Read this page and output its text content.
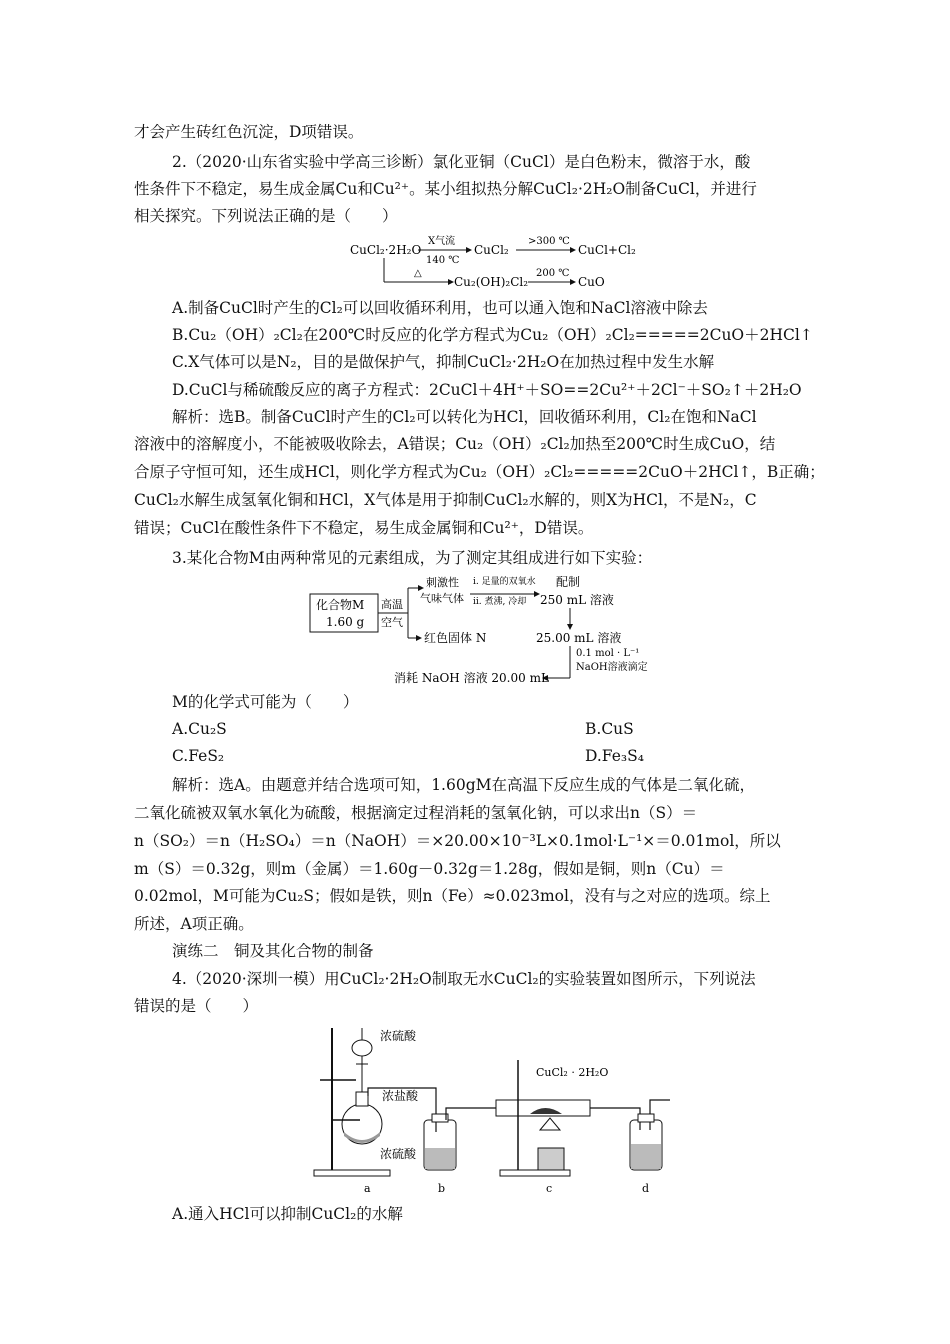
才会产生砖红色沉淀，D项错误。
2.（2020·山东省实验中学高三诊断）氯化亚铜（CuCl）是白色粉末，微溶于水，酸
性条件下不稳定，易生成金属Cu和Cu²⁺。某小组拟热分解CuCl₂·2H₂O制备CuCl，并进行
相关探究。下列说法正确的是（　　）
CuCl₂·2H₂O
X气流
140 ℃
CuCl₂
>300 ℃
CuCl+Cl₂
△
Cu₂(OH)₂Cl₂
200 ℃
CuO
A.制备CuCl时产生的Cl₂可以回收循环利用，也可以通入饱和NaCl溶液中除去
B.Cu₂（OH）₂Cl₂在200℃时反应的化学方程式为Cu₂（OH）₂Cl₂=====2CuO＋2HCl↑
C.X气体可以是N₂，目的是做保护气，抑制CuCl₂·2H₂O在加热过程中发生水解
D.CuCl与稀硫酸反应的离子方程式：2CuCl＋4H⁺＋SO==2Cu²⁺＋2Cl⁻＋SO₂↑＋2H₂O
解析：选B。制备CuCl时产生的Cl₂可以转化为HCl，回收循环利用，Cl₂在饱和NaCl
溶液中的溶解度小，不能被吸收除去，A错误；Cu₂（OH）₂Cl₂加热至200℃时生成CuO，结
合原子守恒可知，还生成HCl，则化学方程式为Cu₂（OH）₂Cl₂=====2CuO＋2HCl↑，B正确；
CuCl₂水解生成氢氧化铜和HCl，X气体是用于抑制CuCl₂水解的，则X为HCl，不是N₂，C
错误；CuCl在酸性条件下不稳定，易生成金属铜和Cu²⁺，D错误。
3.某化合物M由两种常见的元素组成，为了测定其组成进行如下实验：
化合物M
1.60 g
高温
空气
刺激性
气味气体
i. 足量的双氧水
ii. 煮沸, 冷却
配制
250 mL 溶液
红色固体 N	25.00 mL 溶液
0.1 mol · L⁻¹
NaOH溶液滴定
消耗 NaOH 溶液 20.00 mL
M的化学式可能为（　　）
A.Cu₂S	B.CuS
C.FeS₂	D.Fe₃S₄
解析：选A。由题意并结合选项可知，1.60gM在高温下反应生成的气体是二氧化硫，
二氧化硫被双氧水氧化为硫酸，根据滴定过程消耗的氢氧化钠，可以求出n（S）＝
n（SO₂）＝n（H₂SO₄）＝n（NaOH）＝×20.00×10⁻³L×0.1mol·L⁻¹×＝0.01mol，所以
m（S）＝0.32g，则m（金属）＝1.60g－0.32g＝1.28g，假如是铜，则n（Cu）＝
0.02mol，M可能为Cu₂S；假如是铁，则n（Fe）≈0.023mol，没有与之对应的选项。综上
所述，A项正确。
演练二　铜及其化合物的制备
4.（2020·深圳一模）用CuCl₂·2H₂O制取无水CuCl₂的实验装置如图所示，下列说法
错误的是（　　）
浓硫酸
浓盐酸
浓硫酸
CuCl₂ · 2H₂O
a	b	c	d
A.通入HCl可以抑制CuCl₂的水解
